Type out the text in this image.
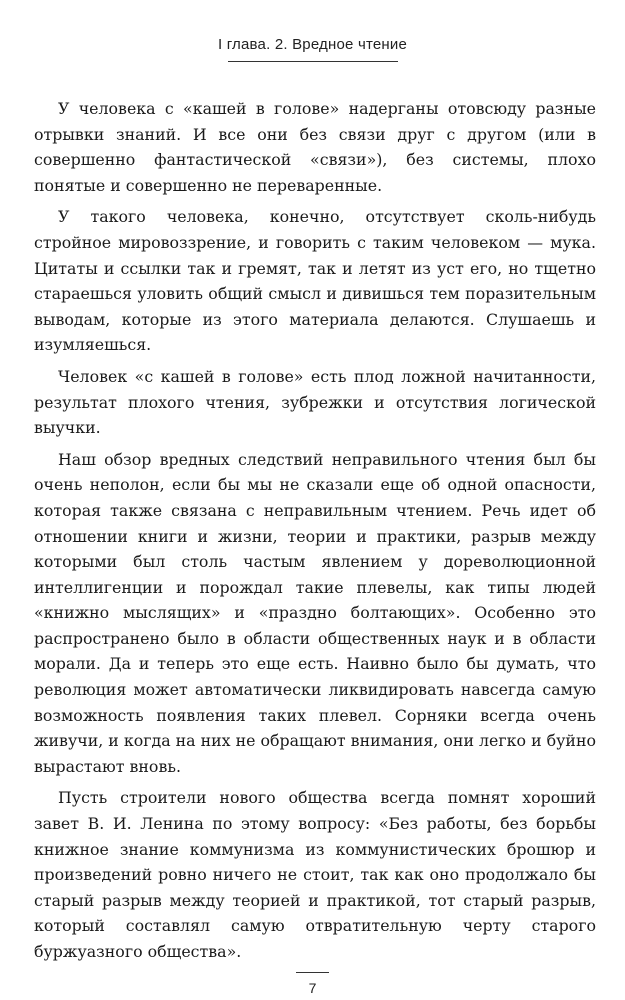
I глава. 2. Вредное чтение

У человека с «кашей в голове» надерганы отовсюду разные отрывки знаний. И все они без связи друг с другом (или в совершенно фантастической «связи»), без системы, плохо понятые и совершенно не переваренные.

У такого человека, конечно, отсутствует сколь-нибудь стройное мировоззрение, и говорить с таким человеком — мука. Цитаты и ссылки так и гремят, так и летят из уст его, но тщетно стараешься уловить общий смысл и дивишься тем поразительным выводам, которые из этого материала делаются. Слушаешь и изумляешься.

Человек «с кашей в голове» есть плод ложной начитанности, результат плохого чтения, зубрежки и отсутствия логической выучки.

Наш обзор вредных следствий неправильного чтения был бы очень неполон, если бы мы не сказали еще об одной опасности, которая также связана с неправильным чтением. Речь идет об отношении книги и жизни, теории и практики, разрыв между которыми был столь частым явлением у дореволюционной интеллигенции и порождал такие плевелы, как типы людей «книжно мыслящих» и «праздно болтающих». Особенно это распространено было в области общественных наук и в области морали. Да и теперь это еще есть. Наивно было бы думать, что революция может автоматически ликвидировать навсегда самую возможность появления таких плевел. Сорняки всегда очень живучи, и когда на них не обращают внимания, они легко и буйно вырастают вновь.

Пусть строители нового общества всегда помнят хороший завет В. И. Ленина по этому вопросу: «Без работы, без борьбы книжное знание коммунизма из коммунистических брошюр и произведений ровно ничего не стоит, так как оно продолжало бы старый разрыв между теорией и практикой, тот старый разрыв, который составлял самую отвратительную черту старого буржуазного общества».

7
